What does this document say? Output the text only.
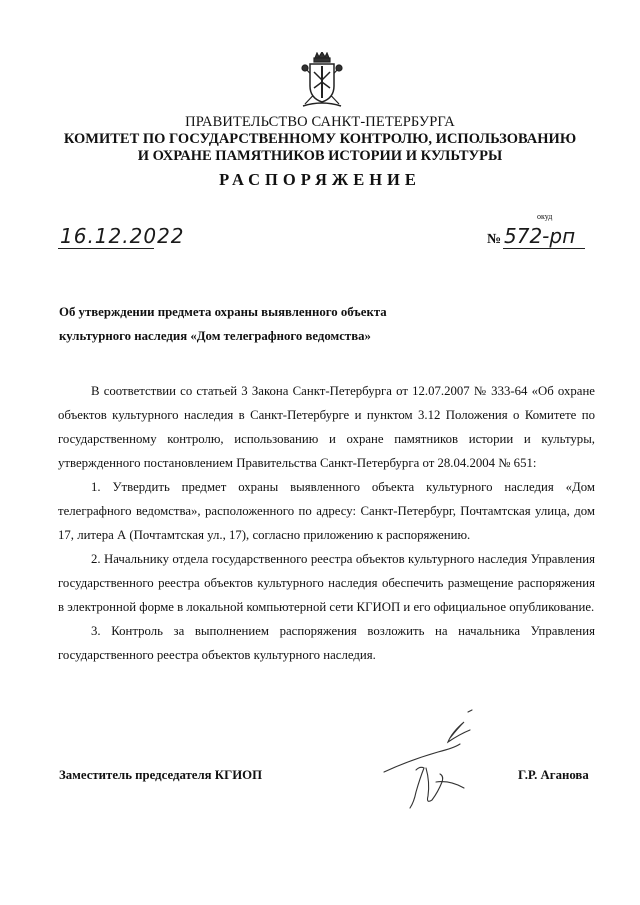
ПРАВИТЕЛЬСТВО САНКТ-ПЕТЕРБУРГА
КОМИТЕТ ПО ГОСУДАРСТВЕННОМУ КОНТРОЛЮ, ИСПОЛЬЗОВАНИЮ
И ОХРАНЕ ПАМЯТНИКОВ ИСТОРИИ И КУЛЬТУРЫ
РАСПОРЯЖЕНИЕ
16.12.2022
окуд
№ 572-рп
Об утверждении предмета охраны выявленного объекта
культурного наследия «Дом телеграфного ведомства»

В соответствии со статьей 3 Закона Санкт-Петербурга от 12.07.2007 № 333-64 «Об охране объектов культурного наследия в Санкт-Петербурге и пунктом 3.12 Положения о Комитете по государственному контролю, использованию и охране памятников истории и культуры, утвержденного постановлением Правительства Санкт-Петербурга от 28.04.2004 № 651:

1. Утвердить предмет охраны выявленного объекта культурного наследия «Дом телеграфного ведомства», расположенного по адресу: Санкт-Петербург, Почтамтская улица, дом 17, литера А (Почтамтская ул., 17), согласно приложению к распоряжению.

2. Начальнику отдела государственного реестра объектов культурного наследия Управления государственного реестра объектов культурного наследия обеспечить размещение распоряжения в электронной форме в локальной компьютерной сети КГИОП и его официальное опубликование.

3. Контроль за выполнением распоряжения возложить на начальника Управления государственного реестра объектов культурного наследия.

Заместитель председателя КГИОП	Г.Р. Аганова
